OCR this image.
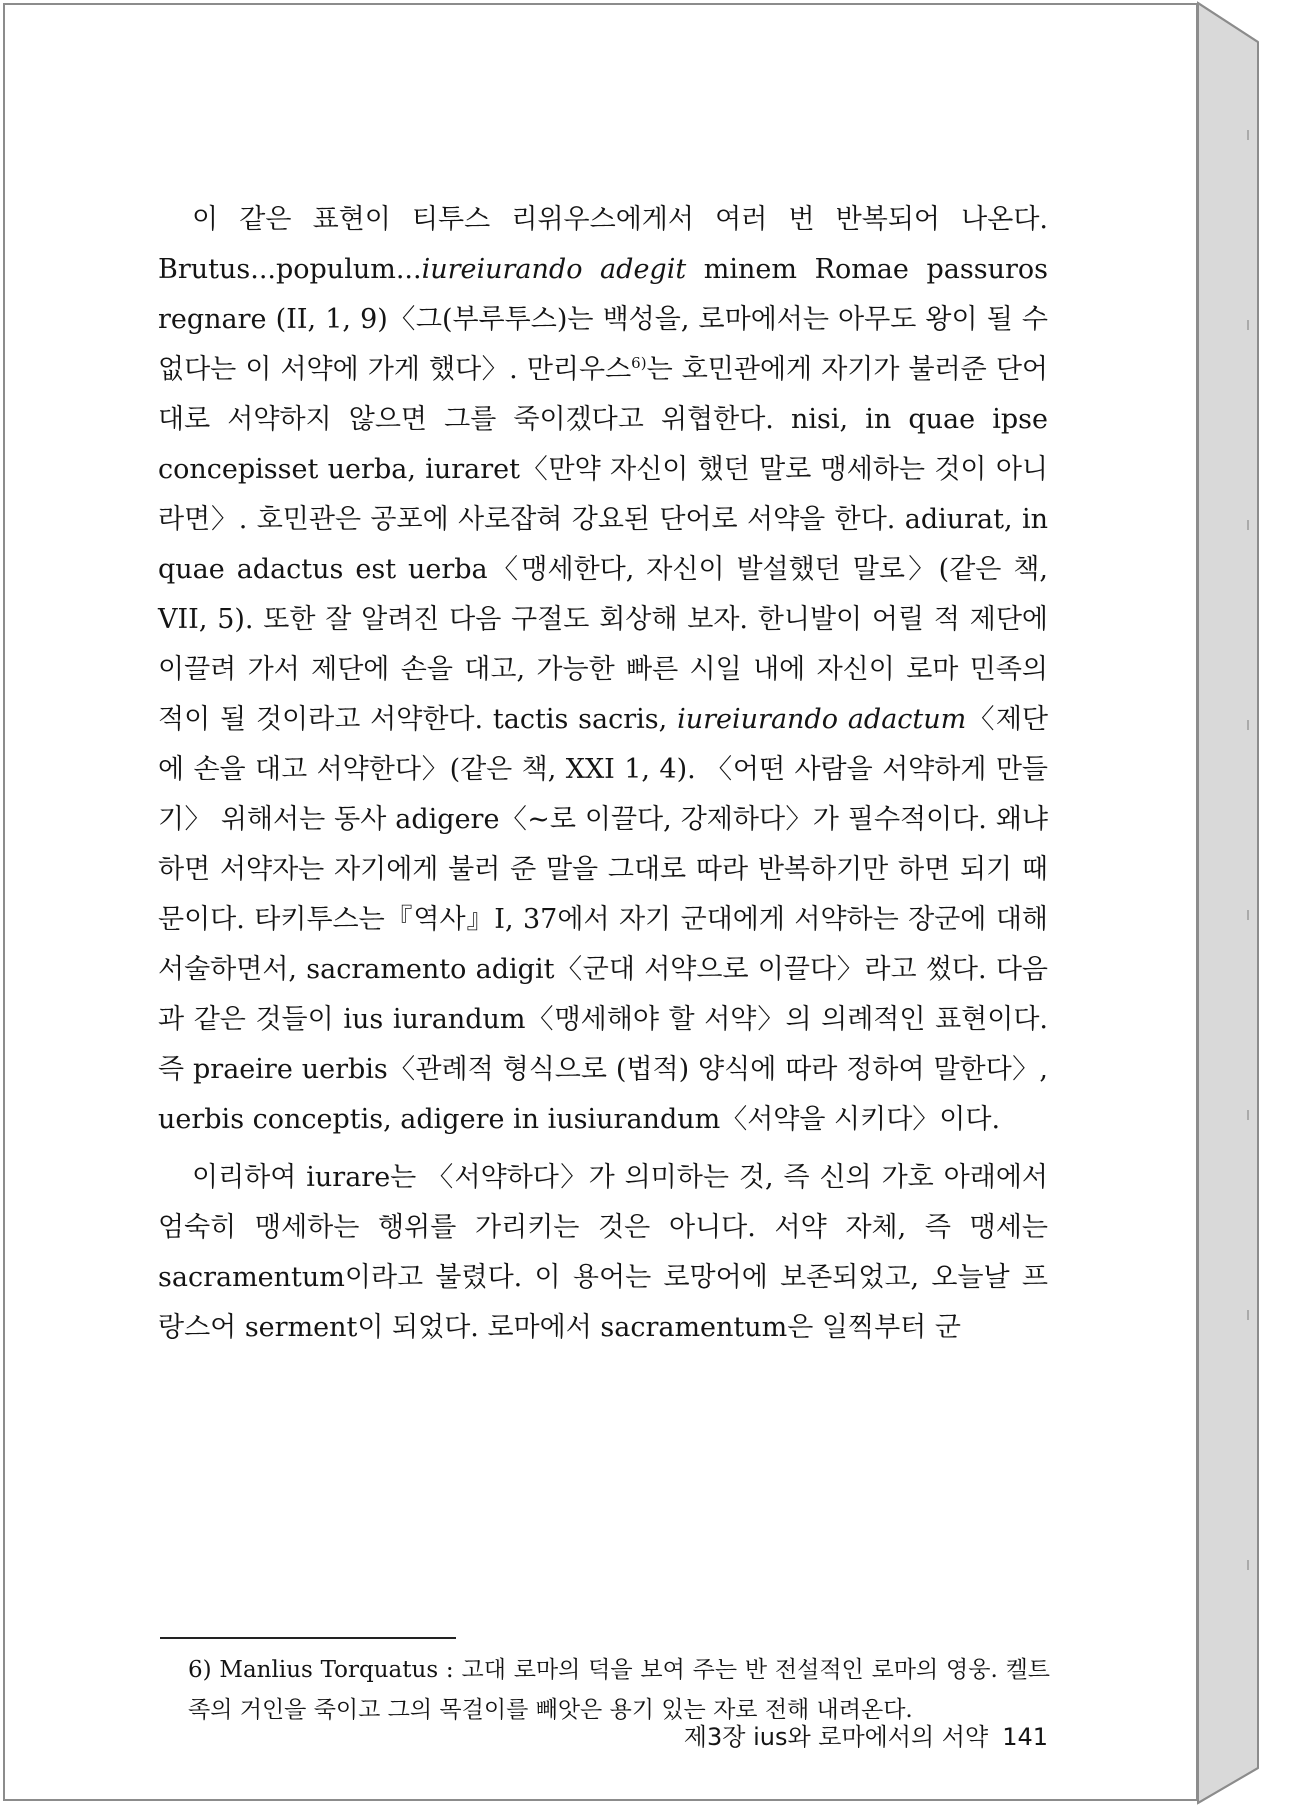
이 같은 표현이 티투스 리위우스에게서 여러 번 반복되어 나온다. Brutus...populum...iureiurando adegit minem Romae passuros regnare (II, 1, 9)〈그(부루투스)는 백성을, 로마에서는 아무도 왕이 될 수 없다는 이 서약에 가게 했다〉. 만리우스$^{6)}$는 호민관에게 자기가 불러준 단어대로 서약하지 않으면 그를 죽이겠다고 위협한다. nisi, in quae ipse concepisset uerba, iuraret〈만약 자신이 했던 말로 맹세하는 것이 아니라면〉. 호민관은 공포에 사로잡혀 강요된 단어로 서약을 한다. adiurat, in quae adactus est uerba〈맹세한다, 자신이 발설했던 말로〉(같은 책, VII, 5). 또한 잘 알려진 다음 구절도 회상해 보자. 한니발이 어릴 적 제단에 이끌려 가서 제단에 손을 대고, 가능한 빠른 시일 내에 자신이 로마 민족의 적이 될 것이라고 서약한다. tactis sacris, iureiurando adactum〈제단에 손을 대고 서약한다〉(같은 책, XXI 1, 4). 〈어떤 사람을 서약하게 만들기〉 위해서는 동사 adigere〈~로 이끌다, 강제하다〉가 필수적이다. 왜냐하면 서약자는 자기에게 불러 준 말을 그대로 따라 반복하기만 하면 되기 때문이다. 타키투스는『역사』I, 37에서 자기 군대에게 서약하는 장군에 대해 서술하면서, sacramento adigit〈군대 서약으로 이끌다〉라고 썼다. 다음과 같은 것들이 ius iurandum〈맹세해야 할 서약〉의 의례적인 표현이다. 즉 praeire uerbis〈관례적 형식으로 (법적) 양식에 따라 정하여 말한다〉, uerbis conceptis, adigere in iusiurandum〈서약을 시키다〉이다.

이리하여 iurare는 〈서약하다〉가 의미하는 것, 즉 신의 가호 아래에서 엄숙히 맹세하는 행위를 가리키는 것은 아니다. 서약 자체, 즉 맹세는 sacramentum이라고 불렸다. 이 용어는 로망어에 보존되었고, 오늘날 프랑스어 serment이 되었다. 로마에서 sacramentum은 일찍부터 군

6) Manlius Torquatus : 고대 로마의 덕을 보여 주는 반 전설적인 로마의 영웅. 켈트족의 거인을 죽이고 그의 목걸이를 빼앗은 용기 있는 자로 전해 내려온다.
제3장 ius와 로마에서의 서약 141
